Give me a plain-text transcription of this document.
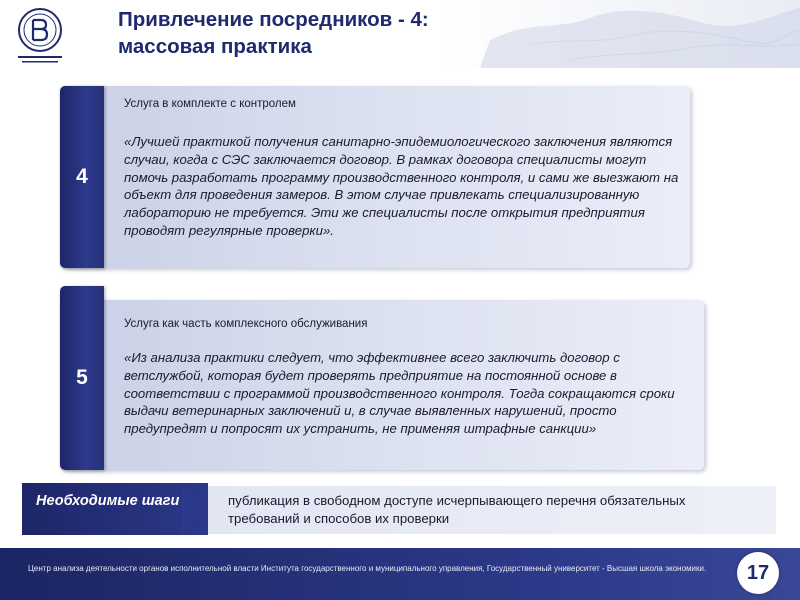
Привлечение посредников - 4:
массовая практика
4

Услуга в комплекте с контролем

«Лучшей практикой получения санитарно-эпидемиологического заключения являются случаи, когда с СЭС заключается договор. В рамках договора специалисты могут помочь разработать программу производственного контроля, и сами же выезжают на объект для проведения замеров. В этом случае привлекать специализированную лабораторию не требуется. Эти же специалисты после открытия предприятия проводят регулярные проверки».

5

Услуга как часть комплексного обслуживания

«Из анализа практики следует, что эффективнее всего заключить договор с ветслужбой, которая будет проверять предприятие на постоянной основе в соответствии с программой производственного контроля. Тогда сокращаются сроки выдачи ветеринарных заключений и, в случае выявленных нарушений, просто предупредят и попросят их устранить, не применяя штрафные санкции»

Необходимые шаги	публикация в свободном доступе исчерпывающего перечня обязательных требований и способов их проверки

Центр анализа деятельности органов исполнительной власти Института государственного и муниципального управления, Государственный университет - Высшая школа экономики.	17
